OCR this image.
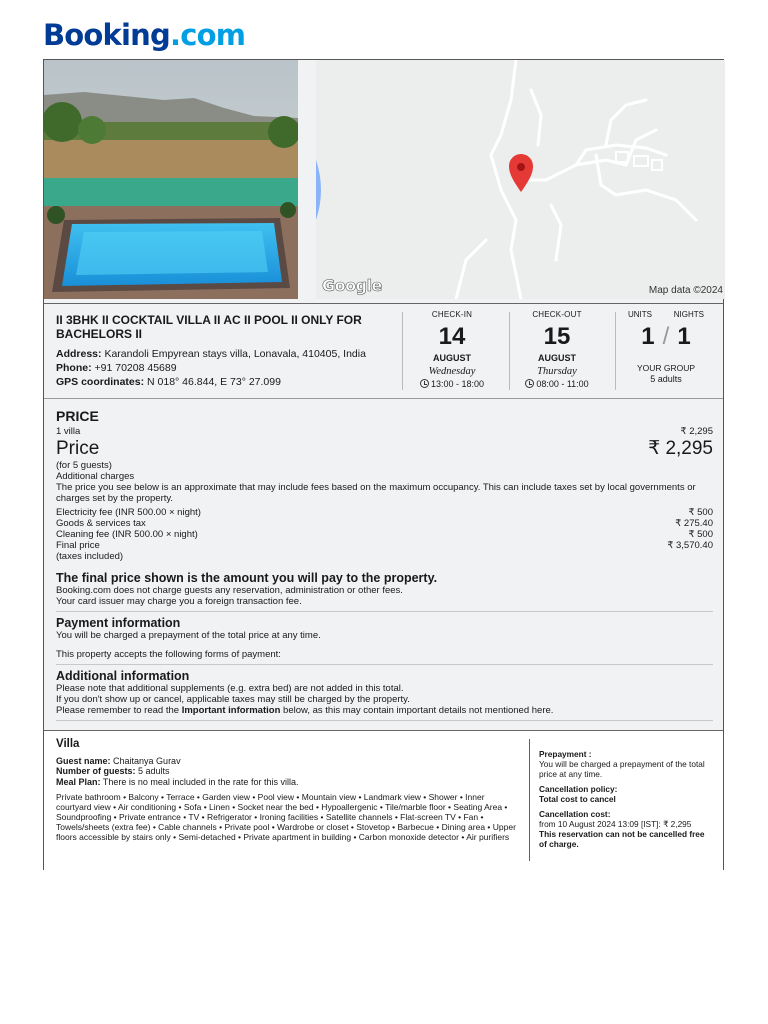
Booking.com
Google	Map data ©2024
II 3BHK II COCKTAIL VILLA II AC II POOL II ONLY FOR BACHELORS II
Address: Karandoli Empyrean stays villa, Lonavala, 410405, India
Phone: +91 70208 45689
GPS coordinates: N 018° 46.844, E 73° 27.099
CHECK-IN
14
AUGUST
Wednesday
13:00 - 18:00
CHECK-OUT
15
AUGUST
Thursday
08:00 - 11:00
UNITS	NIGHTS
1 / 1
YOUR GROUP
5 adults
PRICE
1 villa	₹ 2,295
Price	₹ 2,295
(for 5 guests)
Additional charges
The price you see below is an approximate that may include fees based on the maximum occupancy. This can include taxes set by local governments or charges set by the property.
Electricity fee (INR 500.00 × night)	₹ 500
Goods & services tax	₹ 275.40
Cleaning fee (INR 500.00 × night)	₹ 500
Final price	₹ 3,570.40
(taxes included)
The final price shown is the amount you will pay to the property.
Booking.com does not charge guests any reservation, administration or other fees.
Your card issuer may charge you a foreign transaction fee.
Payment information
You will be charged a prepayment of the total price at any time.
This property accepts the following forms of payment:
Additional information
Please note that additional supplements (e.g. extra bed) are not added in this total.
If you don't show up or cancel, applicable taxes may still be charged by the property.
Please remember to read the Important information below, as this may contain important details not mentioned here.
Villa
Guest name: Chaitanya Gurav
Number of guests: 5 adults
Meal Plan: There is no meal included in the rate for this villa.
Private bathroom • Balcony • Terrace • Garden view • Pool view • Mountain view • Landmark view • Shower • Inner courtyard view • Air conditioning • Sofa • Linen • Socket near the bed • Hypoallergenic • Tile/marble floor • Seating Area • Soundproofing • Private entrance • TV • Refrigerator • Ironing facilities • Satellite channels • Flat-screen TV • Fan • Towels/sheets (extra fee) • Cable channels • Private pool • Wardrobe or closet • Stovetop • Barbecue • Dining area • Upper floors accessible by stairs only • Semi-detached • Private apartment in building • Carbon monoxide detector • Air purifiers
Prepayment :
You will be charged a prepayment of the total price at any time.
Cancellation policy:
Total cost to cancel
Cancellation cost:
from 10 August 2024 13:09 [IST]: ₹ 2,295
This reservation can not be cancelled free of charge.
